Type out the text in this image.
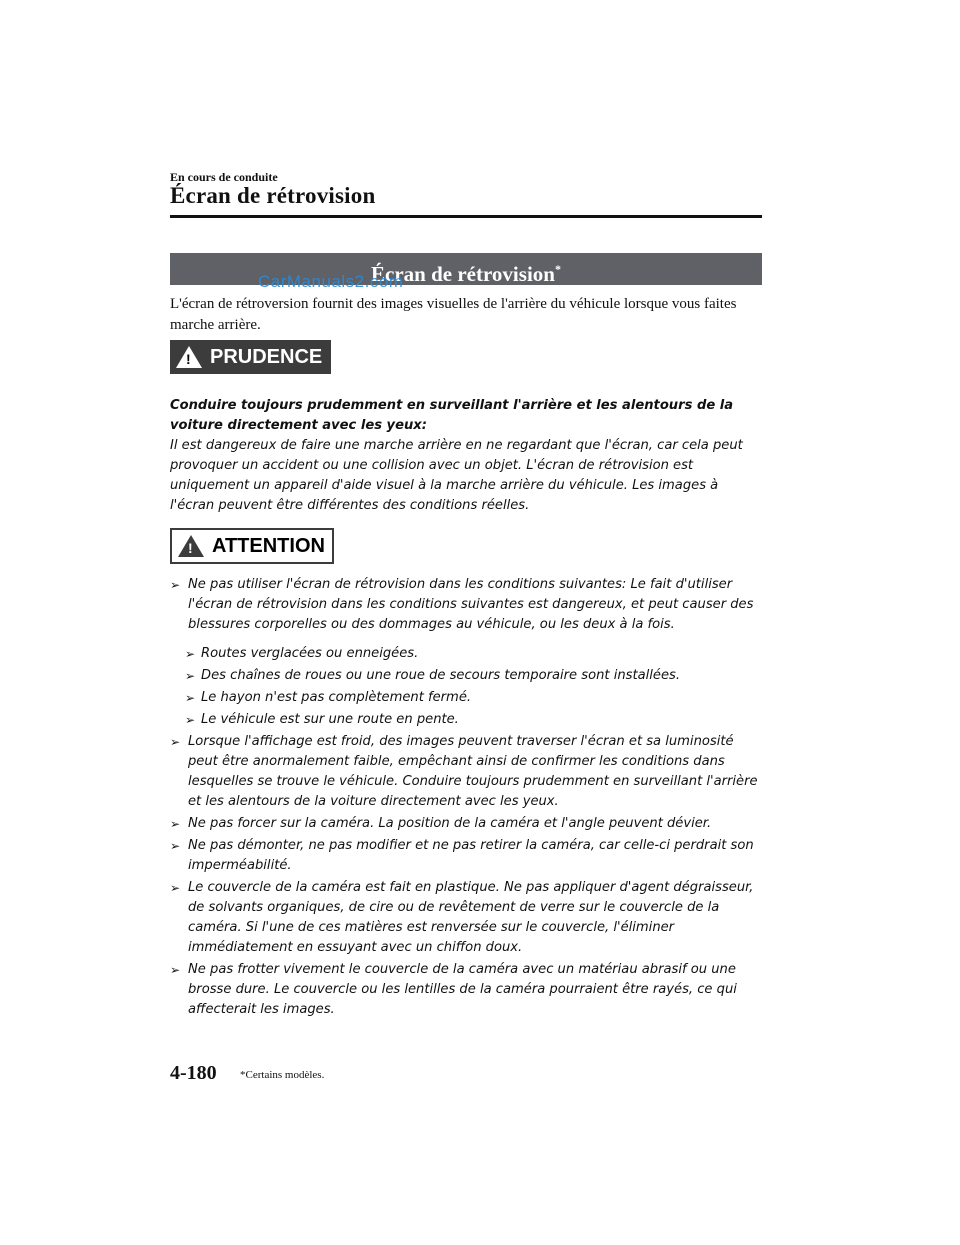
En cours de conduite
Écran de rétrovision
Écran de rétrovision*
CarManuals2.com
L'écran de rétroversion fournit des images visuelles de l'arrière du véhicule lorsque vous faites marche arrière.
!
PRUDENCE
Conduire toujours prudemment en surveillant l'arrière et les alentours de la voiture directement avec les yeux:
Il est dangereux de faire une marche arrière en ne regardant que l'écran, car cela peut provoquer un accident ou une collision avec un objet. L'écran de rétrovision est uniquement un appareil d'aide visuel à la marche arrière du véhicule. Les images à l'écran peuvent être différentes des conditions réelles.
!
ATTENTION
➢ Ne pas utiliser l'écran de rétrovision dans les conditions suivantes: Le fait d'utiliser l'écran de rétrovision dans les conditions suivantes est dangereux, et peut causer des blessures corporelles ou des dommages au véhicule, ou les deux à la fois.
➢ Routes verglacées ou enneigées.
➢ Des chaînes de roues ou une roue de secours temporaire sont installées.
➢ Le hayon n'est pas complètement fermé.
➢ Le véhicule est sur une route en pente.
➢ Lorsque l'affichage est froid, des images peuvent traverser l'écran et sa luminosité peut être anormalement faible, empêchant ainsi de confirmer les conditions dans lesquelles se trouve le véhicule. Conduire toujours prudemment en surveillant l'arrière et les alentours de la voiture directement avec les yeux.
➢ Ne pas forcer sur la caméra. La position de la caméra et l'angle peuvent dévier.
➢ Ne pas démonter, ne pas modifier et ne pas retirer la caméra, car celle-ci perdrait son imperméabilité.
➢ Le couvercle de la caméra est fait en plastique. Ne pas appliquer d'agent dégraisseur, de solvants organiques, de cire ou de revêtement de verre sur le couvercle de la caméra. Si l'une de ces matières est renversée sur le couvercle, l'éliminer immédiatement en essuyant avec un chiffon doux.
➢ Ne pas frotter vivement le couvercle de la caméra avec un matériau abrasif ou une brosse dure. Le couvercle ou les lentilles de la caméra pourraient être rayés, ce qui affecterait les images.
4-180 *Certains modèles.
